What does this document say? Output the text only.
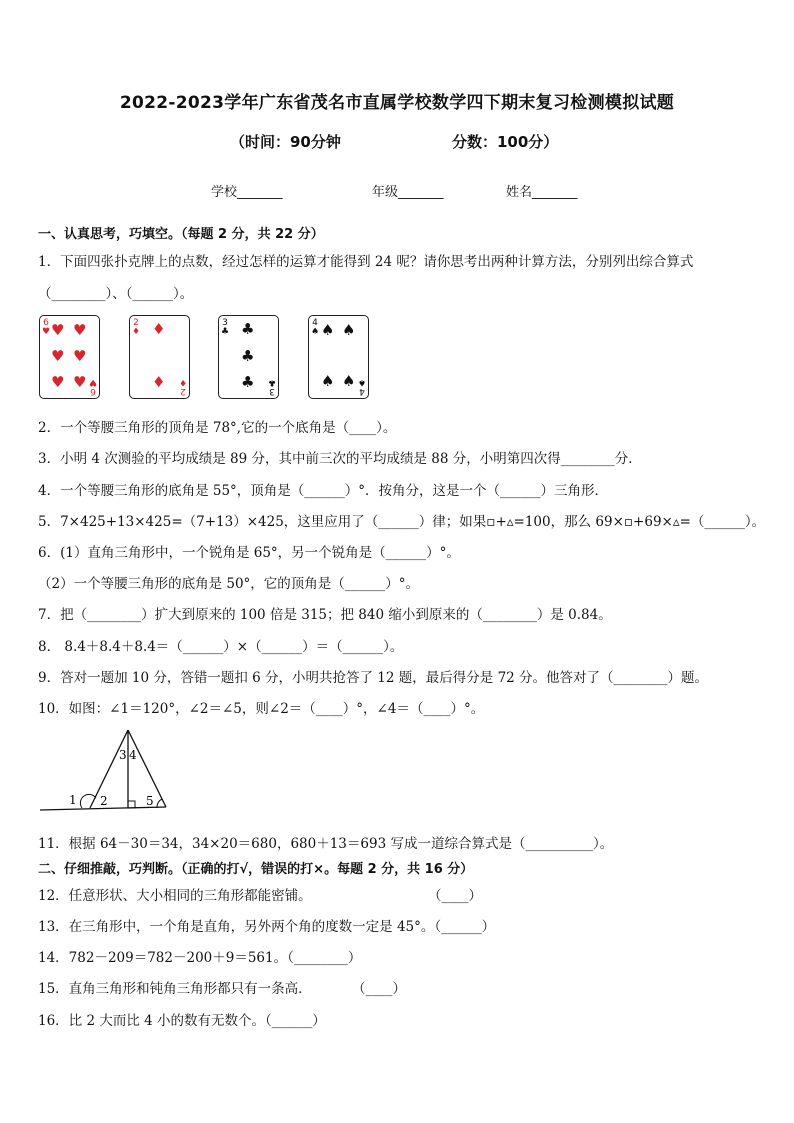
2022-2023学年广东省茂名市直属学校数学四下期末复习检测模拟试题
（时间：90分钟	分数：100分）
学校_______	年级_______	姓名_______
一、认真思考，巧填空。（每题 2 分，共 22 分）
1．下面四张扑克牌上的点数，经过怎样的运算才能得到 24 呢？请你思考出两种计算方法，分别列出综合算式
（________）、（______）。
6
♥ ♥ ♥
♥ ♥
♥ ♥ 6
♥
2
♦ ♦
♦ 2
♦
3
♣ ♣
♣
♣ 3
♣
4
♠ ♠ ♠
♠ ♠
4
♠
2．一个等腰三角形的顶角是 78°,它的一个底角是（____）。
3．小明 4 次测验的平均成绩是 89 分，其中前三次的平均成绩是 88 分，小明第四次得________分．
4．一个等腰三角形的底角是 55°，顶角是（______）°．按角分，这是一个（______）三角形．
5．7×425+13×425=（7+13）×425，这里应用了（______）律；如果▫+▵=100，那么 69×▫+69×▵=（______）。
6．(1）直角三角形中，一个锐角是 65°，另一个锐角是（______）°。
（2）一个等腰三角形的底角是 50°，它的顶角是（______）°。
7．把（________）扩大到原来的 100 倍是 315；把 840 缩小到原来的（________）是 0.84。
8． 8.4＋8.4＋8.4＝（______）×（______）＝（______）。
9．答对一题加 10 分，答错一题扣 6 分，小明共抢答了 12 题，最后得分是 72 分。他答对了（________）题。
10．如图：∠1＝120°，∠2＝∠5，则∠2＝（____）°，∠4＝（____）°。
1 2
3 4
5
11．根据 64－30＝34，34×20＝680，680＋13＝693 写成一道综合算式是（__________）。
二、仔细推敲，巧判断。（正确的打√，错误的打×。每题 2 分，共 16 分）
12．任意形状、大小相同的三角形都能密铺。	（____）
13．在三角形中，一个角是直角，另外两个角的度数一定是 45°。（______）
14．782－209＝782－200＋9＝561。（________）
15．直角三角形和钝角三角形都只有一条高．	（____）
16．比 2 大而比 4 小的数有无数个。（______）
